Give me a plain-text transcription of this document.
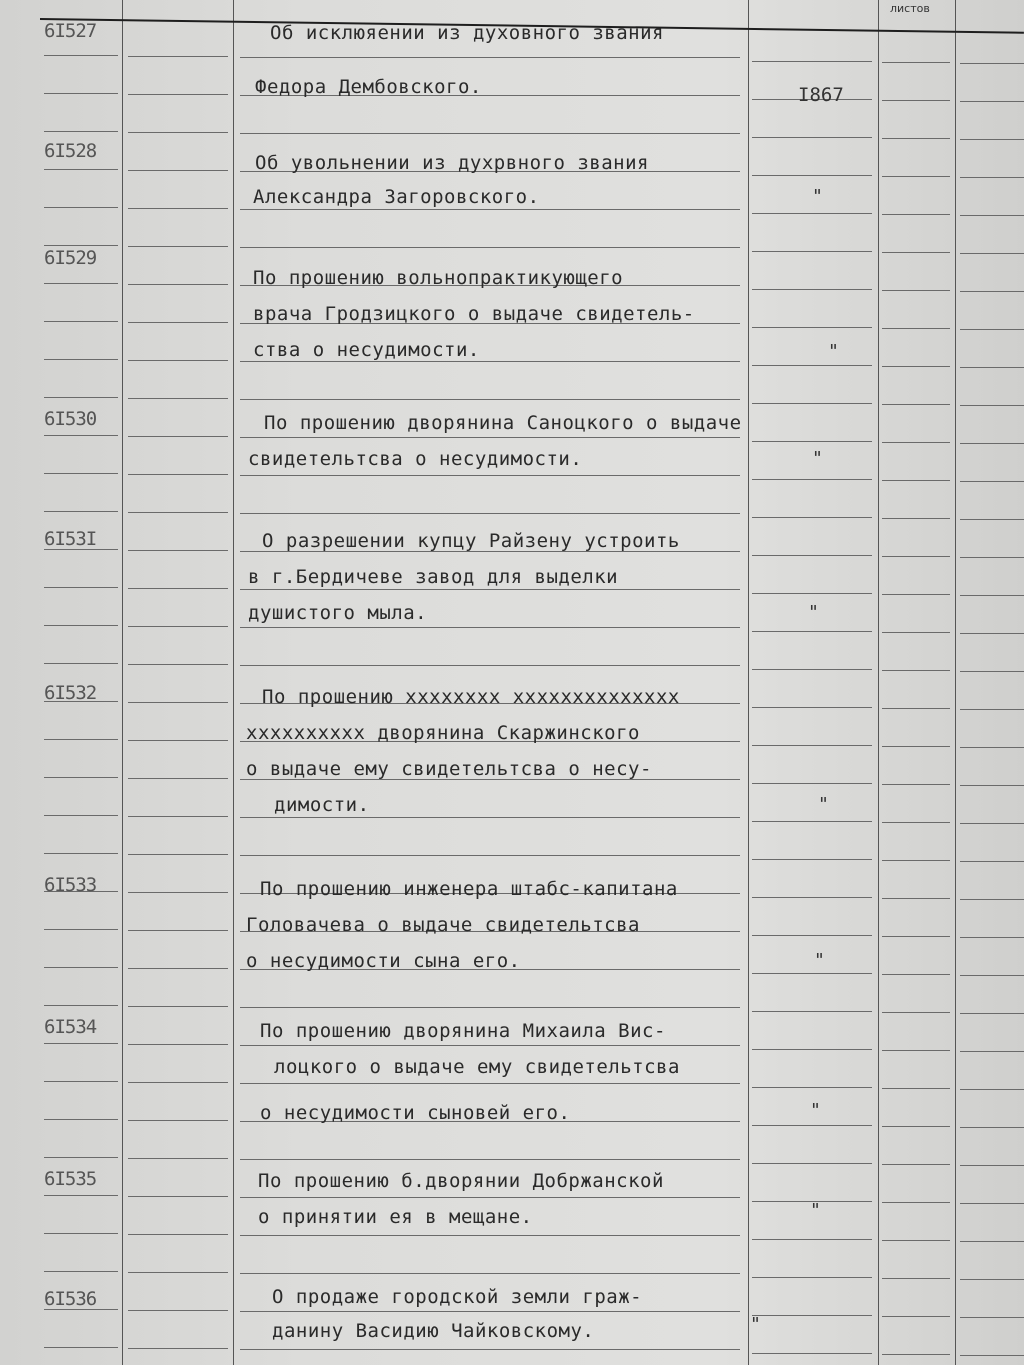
листов
6I527	Об исклюяении из духовного звания
Федора Дембовского.	I867
6I528
Об увольнении из духрвного звания
Александра Загоровского.	"
6I529
По прошению вольнопрактикующего
врача Гродзицкого о выдаче свидетель-
ства о несудимости.	"
6I530	По прошению дворянина Саноцкого о выдаче
свидетельтсва о несудимости.	"
6I53I	О разрешении купцу Райзену устроить
в г.Бердичеве завод для выделки
душистого мыла.	"
6I532	По прошению xxxxxxxx xxxxxxxxxxxxxx
xxxxxxxxxх дворянина Скаржинского
о выдаче ему свидетельтсва о несу-
димости.	"
6I533	По прошению инженера штабс-капитана
Головачева о выдаче свидетельтсва
о несудимости сына его.	"
6I534	По прошению дворянина Михаила Вис-
лоцкого о выдаче ему свидетельтсва
о несудимости сыновей его.	"
6I535	По прошению б.дворянии Добржанской
о принятии ея в мещане.	"
6I536	О продаже городской земли граж-
данину Васидию Чайковскому.	"
